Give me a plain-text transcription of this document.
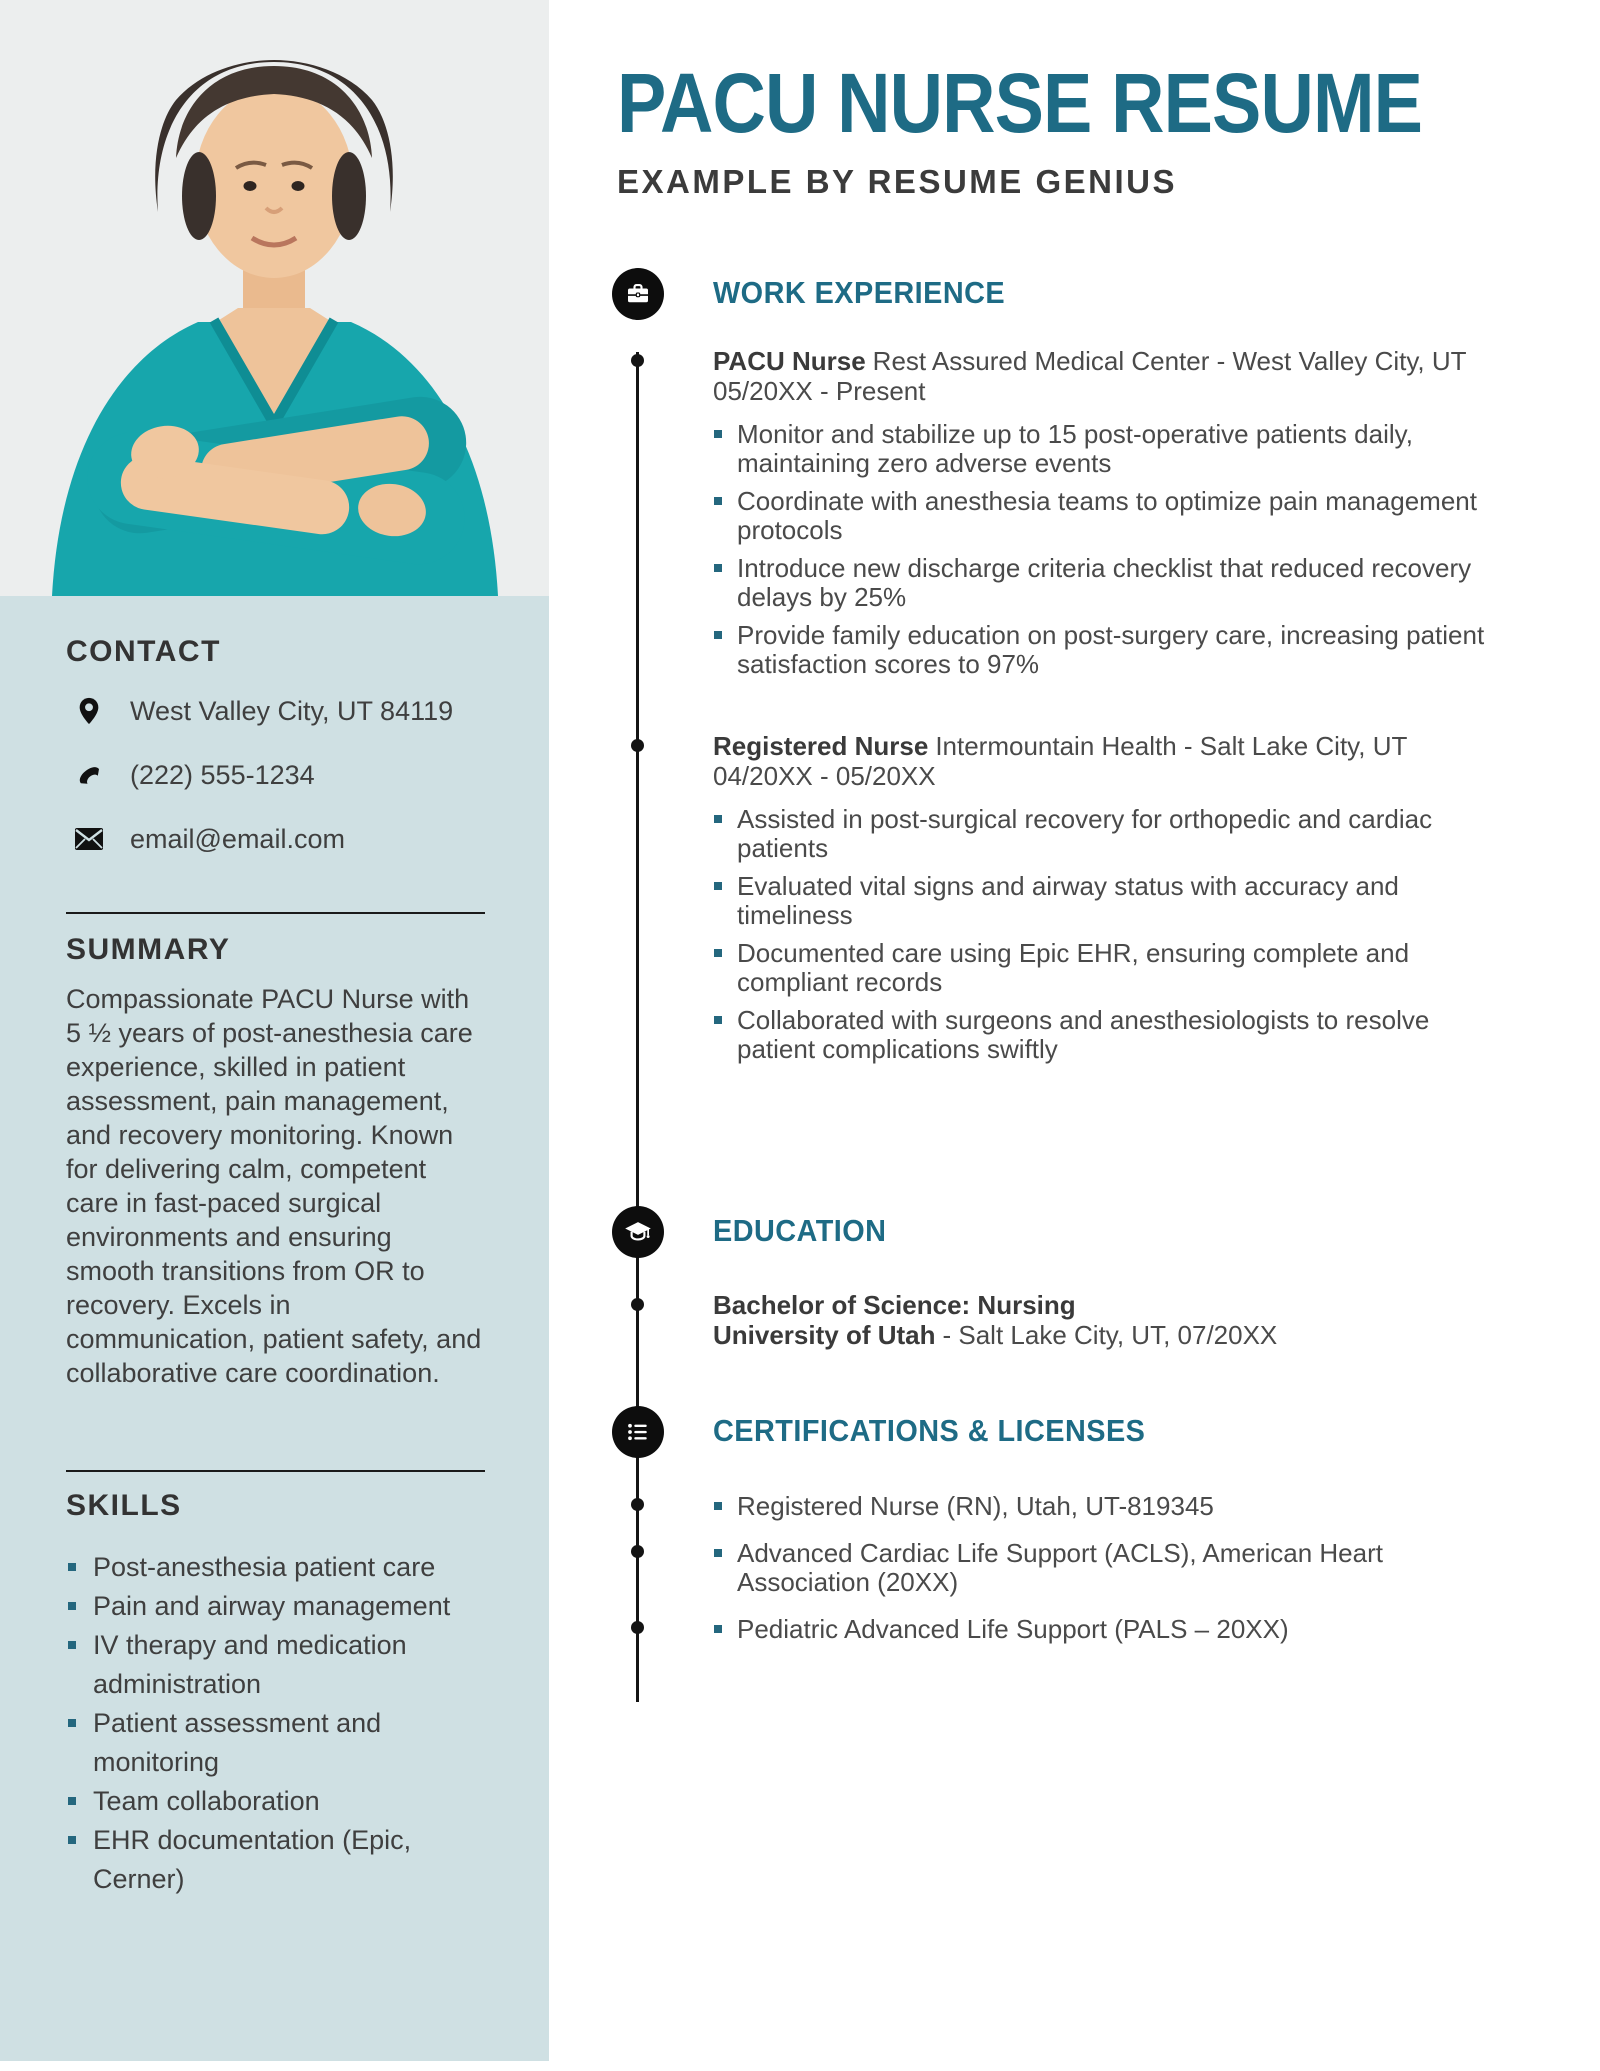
CONTACT
West Valley City, UT 84119
(222) 555-1234
email@email.com
SUMMARY

Compassionate PACU Nurse with 5 ½ years of post-anesthesia care experience, skilled in patient assessment, pain management, and recovery monitoring. Known for delivering calm, competent care in fast-paced surgical environments and ensuring smooth transitions from OR to recovery. Excels in communication, patient safety, and collaborative care coordination.

SKILLS
Post-anesthesia patient care
Pain and airway management
IV therapy and medication administration
Patient assessment and monitoring
Team collaboration
EHR documentation (Epic, Cerner)
PACU NURSE RESUME
EXAMPLE BY RESUME GENIUS
WORK EXPERIENCE
PACU Nurse Rest Assured Medical Center - West Valley City, UT
05/20XX - Present
Monitor and stabilize up to 15 post-operative patients daily, maintaining zero adverse events
Coordinate with anesthesia teams to optimize pain management protocols
Introduce new discharge criteria checklist that reduced recovery delays by 25%
Provide family education on post-surgery care, increasing patient satisfaction scores to 97%
Registered Nurse Intermountain Health - Salt Lake City, UT
04/20XX - 05/20XX
Assisted in post-surgical recovery for orthopedic and cardiac patients
Evaluated vital signs and airway status with accuracy and timeliness
Documented care using Epic EHR, ensuring complete and compliant records
Collaborated with surgeons and anesthesiologists to resolve patient complications swiftly
EDUCATION
Bachelor of Science: Nursing
University of Utah - Salt Lake City, UT, 07/20XX
CERTIFICATIONS & LICENSES
Registered Nurse (RN), Utah, UT-819345
Advanced Cardiac Life Support (ACLS), American Heart Association (20XX)
Pediatric Advanced Life Support (PALS – 20XX)
